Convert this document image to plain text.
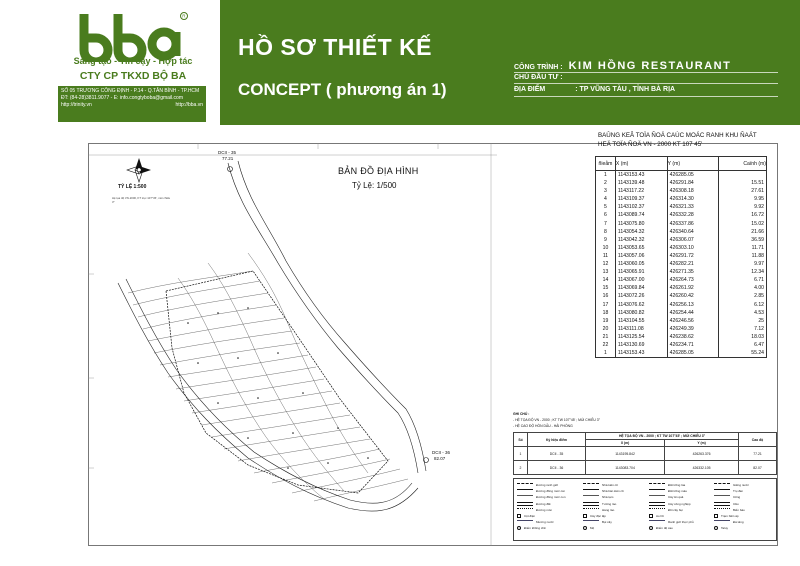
R
Sáng tạo - Tin cậy - Hợp tác
CTY CP TKXD BỘ BA
SỐ 05 TRƯƠNG CÔNG ĐỊNH - P.14 - Q.TÂN BÌNH - TP.HCM
ĐT: (84-28)3811.9077 - E: info.congtyboba@gmail.com
http://trinity.vn	http://bba.vn
HỒ SƠ THIẾT KẾ
CONCEPT ( phương án 1)
CÔNG TRÌNH : KIM HỒNG RESTAURANT
CHỦ ĐẦU TƯ :
ĐỊA ĐIỂM	: TP VŨNG TÀU , TỈNH BÀ RỊA
TỶ LỆ 1:500
Hệ tọa độ VN-2000, KT trục 107°45', múi chiếu 3°
BẢN ĐỒ ĐỊA HÌNH
Tỷ Lệ: 1/500
DCII - 35
77.21
DCII - 36
82.07
BAÛNG KEÂ TOÏA ÑOÄ CAÙC MOÁC RANH KHU ÑAÁT
HEÄ TOÏA ÑOÄ VN - 2000 KT 107 45'
ñieåm	X (m)	Y (m)	Caïnh (m)
1	1143153.43	426285.05	
2	1143139.48	426291.84	15.51
3	1143117.22	426308.18	27.61
4	1143109.37	426314.30	9.95
5	1143102.37	426321.33	9.92
6	1143089.74	426332.28	16.72
7	1143075.80	426337.86	15.02
8	1143054.32	426340.64	21.66
9	1143042.32	426306.07	36.59
10	1143053.65	426303.10	11.71
11	1143057.06	426291.72	11.88
12	1143060.05	426282.21	9.97
13	1143065.91	426271.35	12.34
14	1143067.00	426264.73	6.71
15	1143069.84	426261.92	4.00
16	1143072.26	426260.42	2.85
17	1143076.62	426256.13	6.12
18	1143080.82	426254.44	4.53
19	1143104.55	426246.56	25
20	1143111.08	426249.39	7.12
21	1143125.54	426238.62	18.03
22	1143130.69	426234.71	6.47
1	1143153.43	426285.05	55.24
GHI CHÚ :
- HỆ TỌA ĐỘ VN - 2000 ; KT TW 107°45' ; MÚI CHIẾU 3°
- HỆ CAO ĐỘ HÒN DẤU - HẢI PHÒNG
Số	Ký hiệu điểm	HỆ TỌA ĐỘ VN - 2000 ; KT TW 107°45' ; MÚI CHIẾU 3°		Cao độ
		X (m)	Y (m)	
1	DCII - 35	1143195.842	426263.376	77.21
2	DCII - 36	1143083.704	426332.105	82.07
Đường ranh giới
Đường đồng mức cái
Đường đồng mức con
Đường đất
Đường mòn
Cột điện
Mương nước
Điểm khống chế
Nhà kiên cố
Nhà bán kiên cố
Nhà tạm
Tường rào
Hàng rào
Cây độc lập
Bụi cây
Mộ
Đất trồng lúa
Đất trồng màu
Cây ăn quả
Cây công nghiệp
Đồi cây bụi
Ao hồ
Ranh giới thực phủ
Điểm độ cao
Giếng nước
Trụ đèn
Cống
Cầu
Biển báo
Trạm biến áp
Đá tảng
Taluy
